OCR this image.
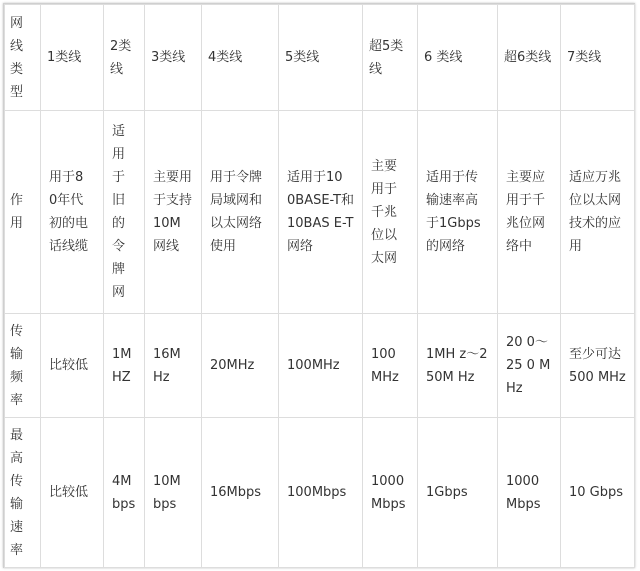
网线类型	1类线	2类线	3类线	4类线	5类线	超5类线	6 类线	超6类线	7类线
作用	用于8 0年代初的电话线缆	适用于旧的令牌网	主要用于支持10M 网线	用于令牌局域网和以太网络使用	适用于10 0BASE-T和10BAS E-T网络	主要用于千兆位以太网	适用于传输速率高于1Gbps的网络	主要应用于千兆位网络中	适应万兆位以太网技术的应用
传输频率	比较低	1M HZ	16M Hz	20MHz	100MHz	100 MHz	1MH z～250M Hz	20 0～25 0 MHz	至少可达500 MHz
最高传输速率	比较低	4M bps	10M bps	16Mbps	100Mbps	1000 Mbps	1Gbps	1000 Mbps	10 Gbps
